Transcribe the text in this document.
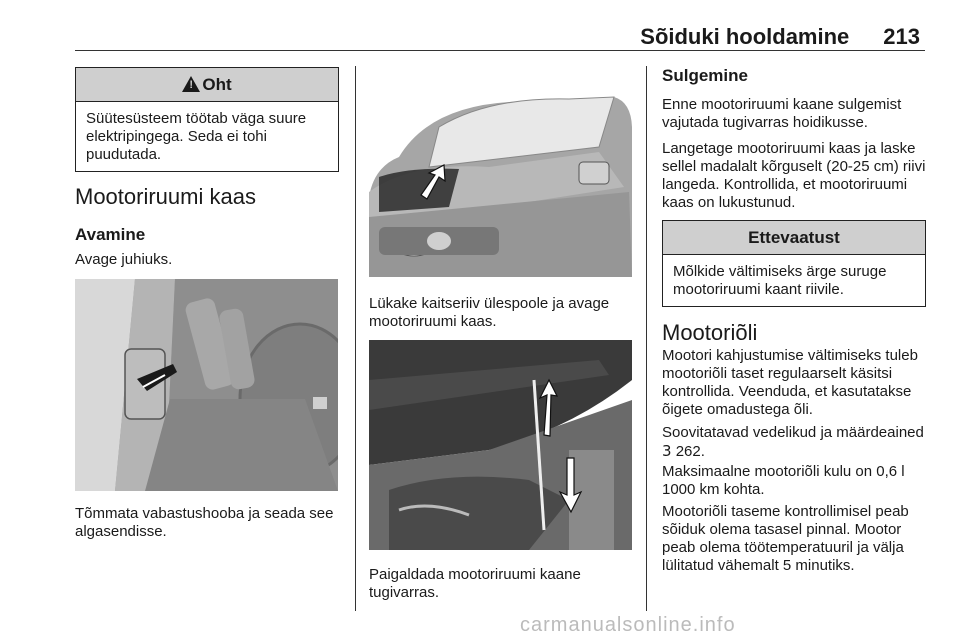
Sõiduki hooldamine 213
!Oht
Süütesüsteem töötab väga suure elektripingega. Seda ei tohi puudutada.
Mootoriruumi kaas
Avamine

Avage juhiuks.

Tõmmata vabastushooba ja seada see algasendisse.

Lükake kaitseriiv ülespoole ja avage mootoriruumi kaas.

Paigaldada mootoriruumi kaane tugivarras.

Sulgemine

Enne mootoriruumi kaane sulgemist vajutada tugivarras hoidikusse.

Langetage mootoriruumi kaas ja laske sellel madalalt kõrguselt (20-25 cm) riivi langeda. Kontrollida, et mootoriruumi kaas on lukustunud.

Ettevaatust
Mõlkide vältimiseks ärge suruge mootoriruumi kaant riivile.
Mootoriõli

Mootori kahjustumise vältimiseks tuleb mootoriõli taset regulaarselt käsitsi kontrollida. Veenduda, et kasutatakse õigete omadustega õli.

Soovitatavad vedelikud ja määrdeained 3 262.

Maksimaalne mootoriõli kulu on 0,6 l 1000 km kohta.

Mootoriõli taseme kontrollimisel peab sõiduk olema tasasel pinnal. Mootor peab olema töötemperatuuril ja välja lülitatud vähemalt 5 minutiks.

carmanualsonline.info
